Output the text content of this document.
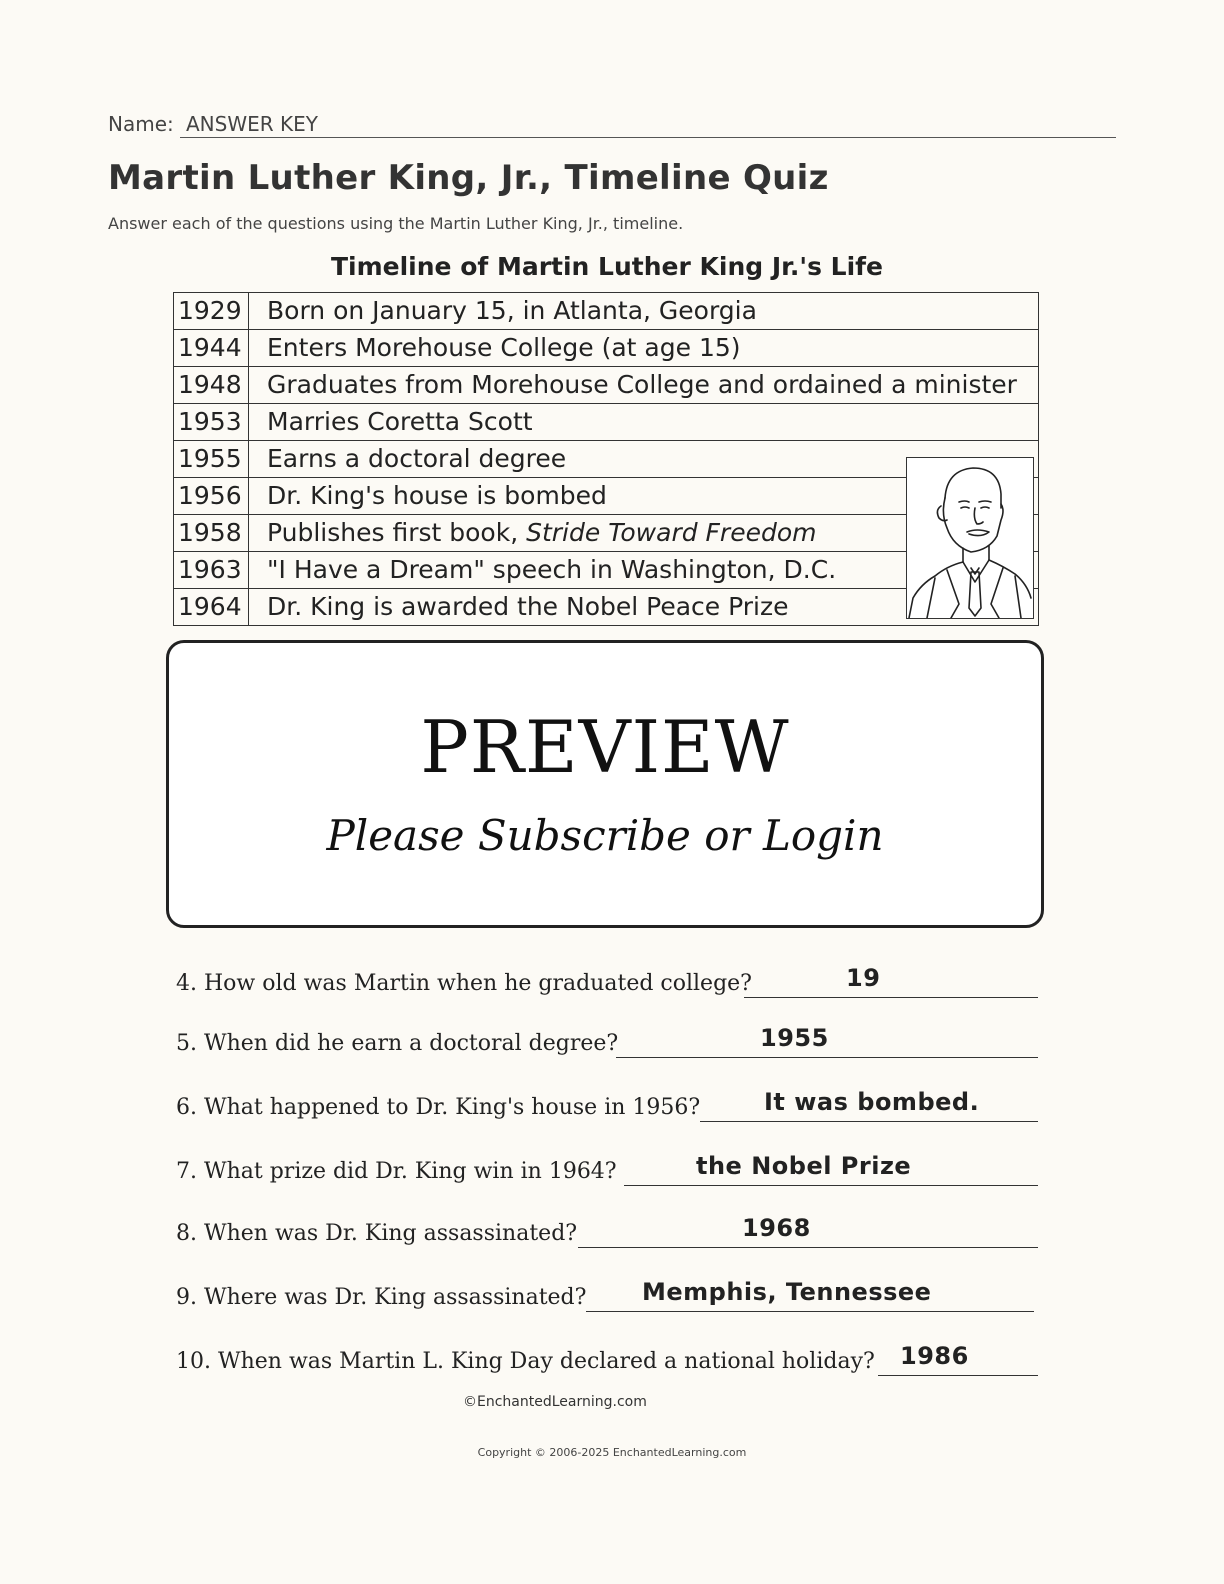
Name: ANSWER KEY
Martin Luther King, Jr., Timeline Quiz
Answer each of the questions using the Martin Luther King, Jr., timeline.
Timeline of Martin Luther King Jr.'s Life
1929	Born on January 15, in Atlanta, Georgia
1944	Enters Morehouse College (at age 15)
1948	Graduates from Morehouse College and ordained a minister
1953	Marries Coretta Scott
1955	Earns a doctoral degree
1956	Dr. King's house is bombed
1958	Publishes first book, Stride Toward Freedom
1963	"I Have a Dream" speech in Washington, D.C.
1964	Dr. King is awarded the Nobel Peace Prize
PREVIEW
Please Subscribe or Login
4. How old was Martin when he graduated college?	19
5. When did he earn a doctoral degree?	1955
6. What happened to Dr. King's house in 1956?	It was bombed.
7. What prize did Dr. King win in 1964?	the Nobel Prize
8. When was Dr. King assassinated?	1968
9. Where was Dr. King assassinated? Memphis, Tennessee
10. When was Martin L. King Day declared a national holiday? 1986
©EnchantedLearning.com
Copyright © 2006-2025 EnchantedLearning.com
